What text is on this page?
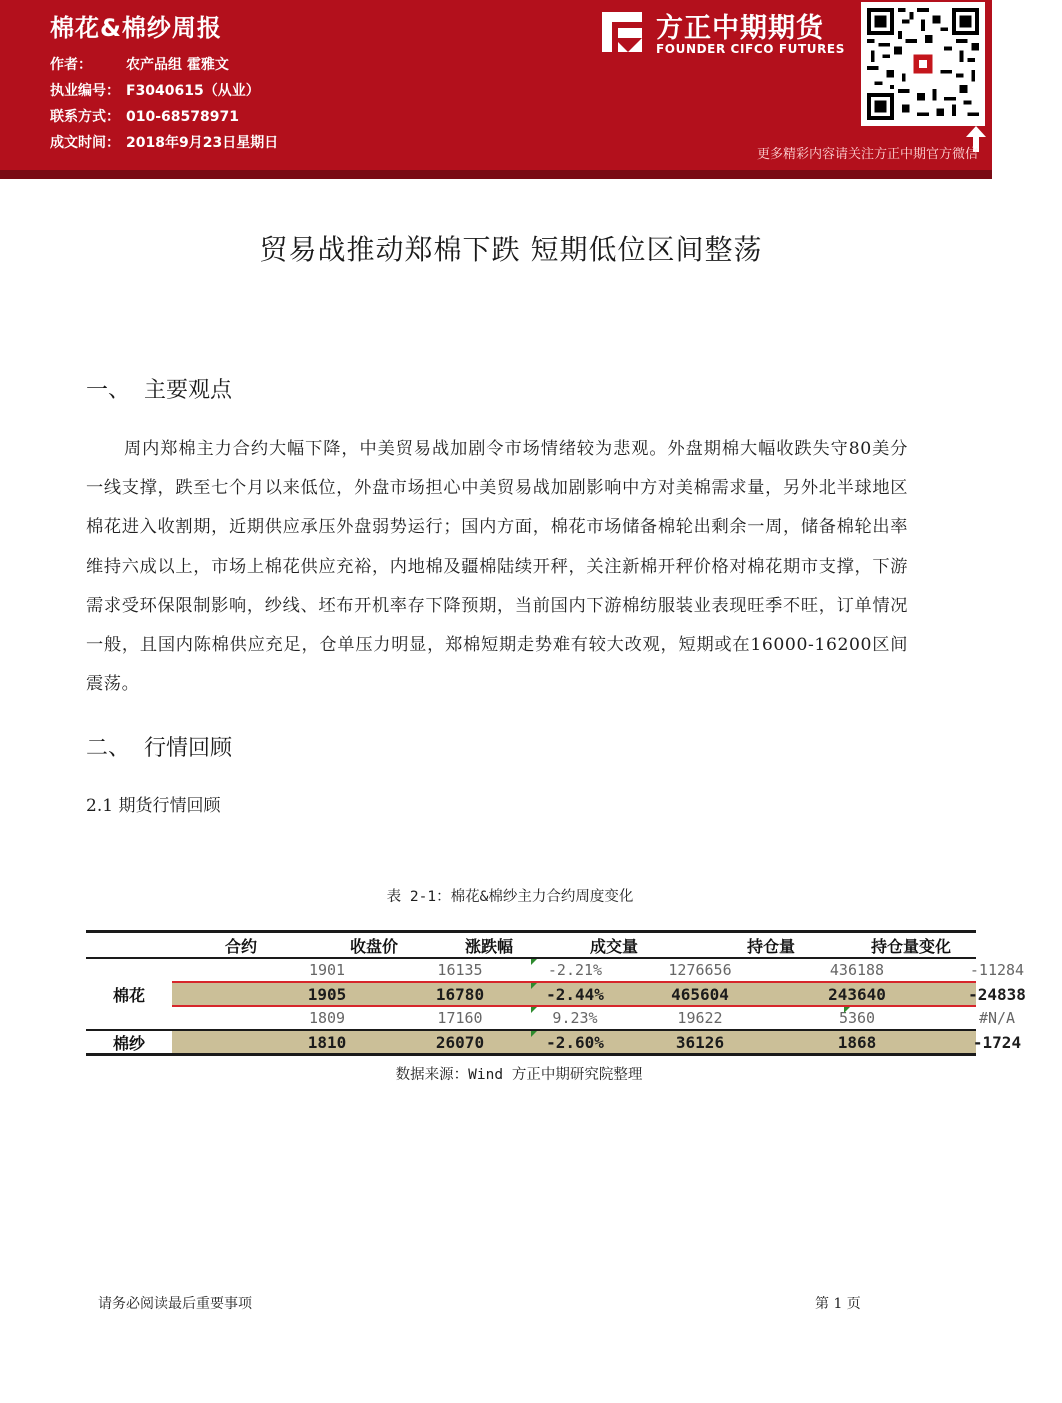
棉花&棉纱周报
作者： 农产品组 霍雅文
执业编号： F3040615（从业）
联系方式： 010-68578971
成文时间： 2018年9月23日星期日
方正中期期货
FOUNDER CIFCO FUTURES
更多精彩内容请关注方正中期官方微信
贸易战推动郑棉下跌 短期低位区间整荡
一、 主要观点

周内郑棉主力合约大幅下降，中美贸易战加剧令市场情绪较为悲观。外盘期棉大幅收跌失守80美分一线支撑，跌至七个月以来低位，外盘市场担心中美贸易战加剧影响中方对美棉需求量，另外北半球地区棉花进入收割期，近期供应承压外盘弱势运行；国内方面，棉花市场储备棉轮出剩余一周，储备棉轮出率维持六成以上，市场上棉花供应充裕，内地棉及疆棉陆续开秤，关注新棉开秤价格对棉花期市支撑，下游需求受环保限制影响，纱线、坯布开机率存下降预期，当前国内下游棉纺服装业表现旺季不旺，订单情况一般，且国内陈棉供应充足，仓单压力明显，郑棉短期走势难有较大改观，短期或在16000-16200区间震荡。

二、 行情回顾
2.1 期货行情回顾
表 2-1：棉花&棉纱主力合约周度变化
合约	收盘价	涨跌幅	成交量	持仓量	持仓量变化
棉花
1901	16135	-2.21%	1276656	436188	-11284
1905	16780	-2.44%	465604	243640	-24838
1809	17160	9.23%	19622	5360	#N/A
棉纱	1810	26070	-2.60%	36126	1868	-1724
数据来源：Wind 方正中期研究院整理
请务必阅读最后重要事项	第 1 页
